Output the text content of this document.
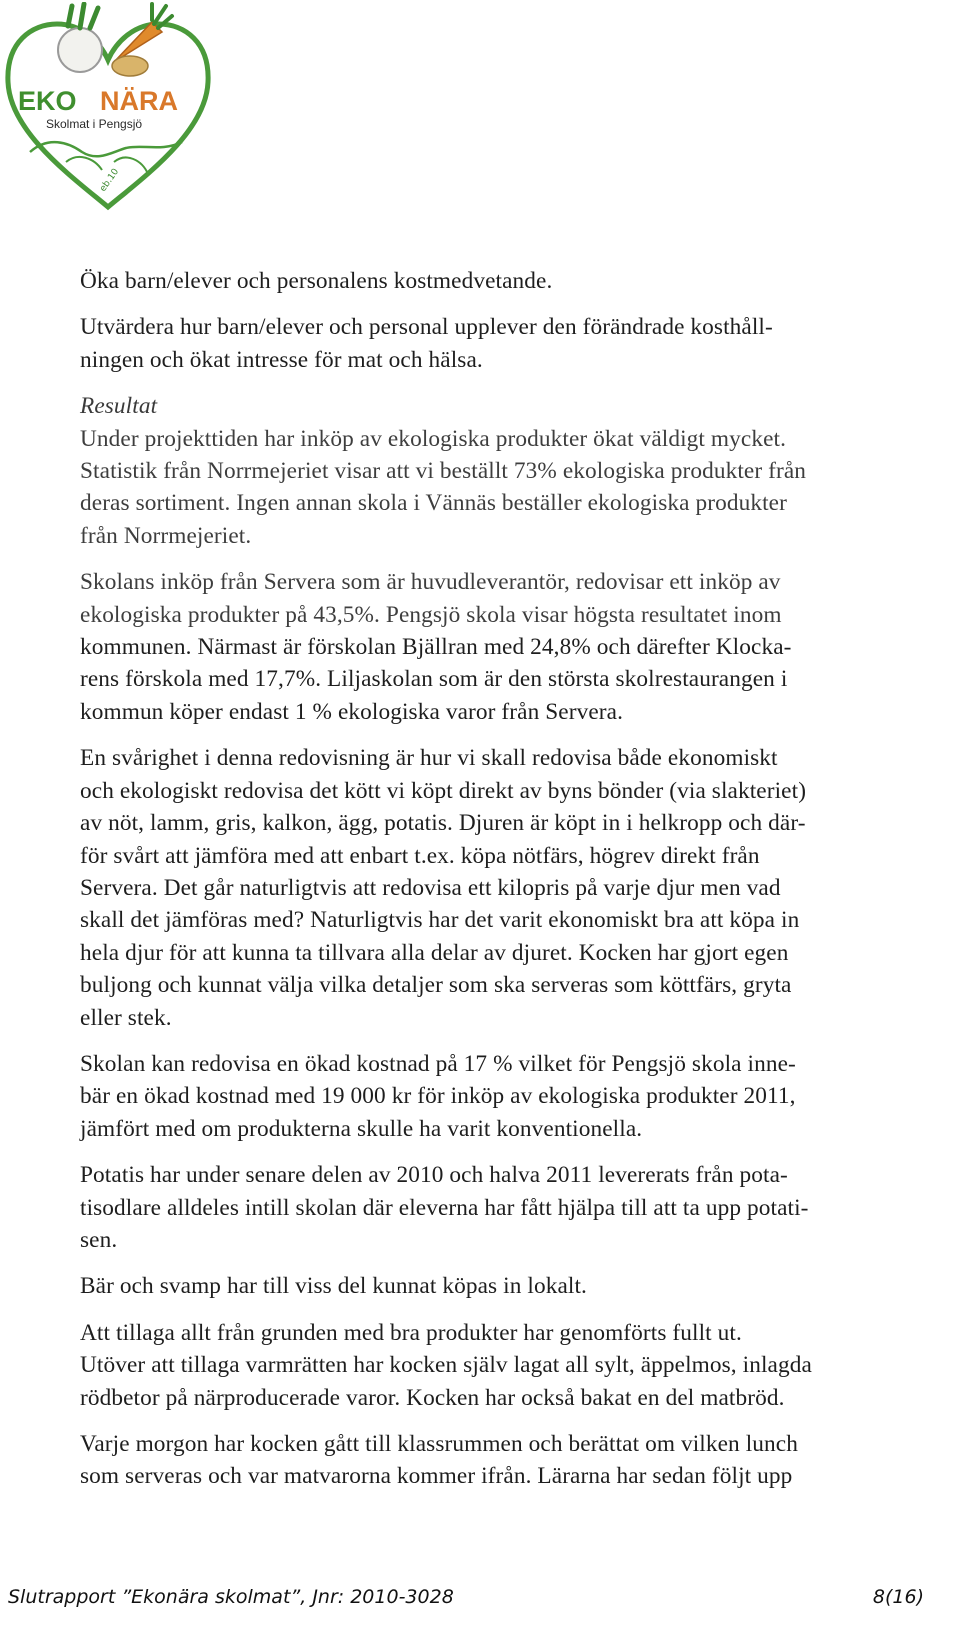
EKO NÄRA
Skolmat i Pengsjö
eb.10

Öka barn/elever och personalens kostmedvetande.

Utvärdera hur barn/elever och personal upplever den förändrade kosthåll-

ningen och ökat intresse för mat och hälsa.

Resultat

Under projekttiden har inköp av ekologiska produkter ökat väldigt mycket.

Statistik från Norrmejeriet visar att vi beställt 73% ekologiska produkter från

deras sortiment. Ingen annan skola i Vännäs beställer ekologiska produkter

från Norrmejeriet.

Skolans inköp från Servera som är huvudleverantör, redovisar ett inköp av

ekologiska produkter på 43,5%. Pengsjö skola visar högsta resultatet inom

kommunen. Närmast är förskolan Bjällran med 24,8% och därefter Klocka-

rens förskola med 17,7%. Liljaskolan som är den största skolrestaurangen i

kommun köper endast 1 % ekologiska varor från Servera.

En svårighet i denna redovisning är hur vi skall redovisa både ekonomiskt

och ekologiskt redovisa det kött vi köpt direkt av byns bönder (via slakteriet)

av nöt, lamm, gris, kalkon, ägg, potatis. Djuren är köpt in i helkropp och där-

för svårt att jämföra med att enbart t.ex. köpa nötfärs, högrev direkt från

Servera. Det går naturligtvis att redovisa ett kilopris på varje djur men vad

skall det jämföras med? Naturligtvis har det varit ekonomiskt bra att köpa in

hela djur för att kunna ta tillvara alla delar av djuret. Kocken har gjort egen

buljong och kunnat välja vilka detaljer som ska serveras som köttfärs, gryta

eller stek.

Skolan kan redovisa en ökad kostnad på 17 % vilket för Pengsjö skola inne-

bär en ökad kostnad med 19 000 kr för inköp av ekologiska produkter 2011,

jämfört med om produkterna skulle ha varit konventionella.

Potatis har under senare delen av 2010 och halva 2011 levererats från pota-

tisodlare alldeles intill skolan där eleverna har fått hjälpa till att ta upp potati-

sen.

Bär och svamp har till viss del kunnat köpas in lokalt.

Att tillaga allt från grunden med bra produkter har genomförts fullt ut.

Utöver att tillaga varmrätten har kocken själv lagat all sylt, äppelmos, inlagda

rödbetor på närproducerade varor. Kocken har också bakat en del matbröd.

Varje morgon har kocken gått till klassrummen och berättat om vilken lunch

som serveras och var matvarorna kommer ifrån. Lärarna har sedan följt upp

Slutrapport ”Ekonära skolmat”, Jnr: 2010-3028	8(16)
